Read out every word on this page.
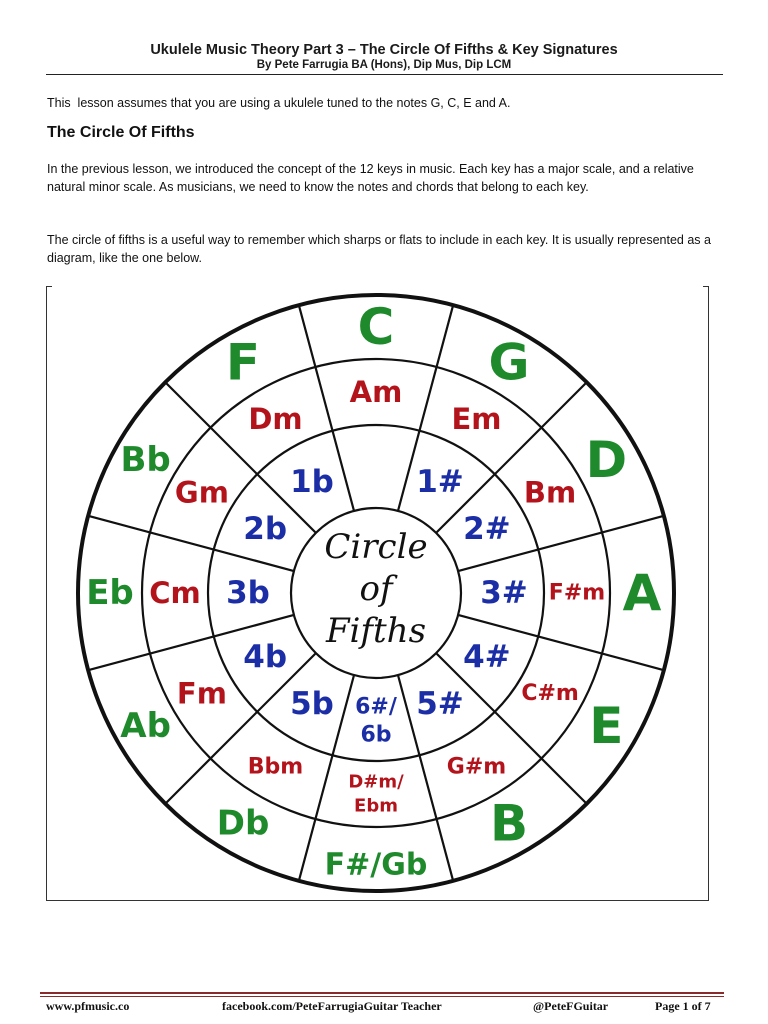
Ukulele Music Theory Part 3 – The Circle Of Fifths & Key Signatures
By Pete Farrugia BA (Hons), Dip Mus, Dip LCM
This  lesson assumes that you are using a ukulele tuned to the notes G, C, E and A.
The Circle Of Fifths
In the previous lesson, we introduced the concept of the 12 keys in music. Each key has a major scale, and a relative natural minor scale. As musicians, we need to know the notes and chords that belong to each key.
The circle of fifths is a useful way to remember which sharps or flats to include in each key. It is usually represented as a diagram, like the one below.
C
G
D
A
E
B
F#/Gb
Db
Ab
Eb
Bb
F
Am
Em
Bm
F#m
C#m
G#m
D#m/
Ebm
Bbm
Fm
Cm
Gm
Dm
1#
2#
3#
4#
5#
6#/
6b
5b
4b
3b
2b
1b
Circle
of
Fifths
www.pfmusic.co	facebook.com/PeteFarrugiaGuitar Teacher	@PeteFGuitar	Page 1 of 7
